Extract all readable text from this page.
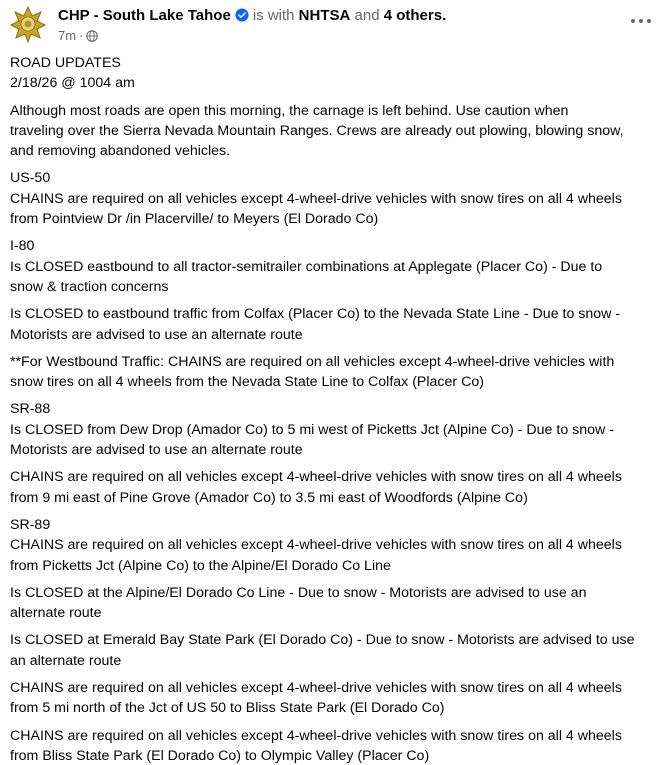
CHP - South Lake Tahoe is with NHTSA and 4 others.
7m ·
ROAD UPDATES
2/18/26 @ 1004 am
Although most roads are open this morning, the carnage is left behind. Use caution when
traveling over the Sierra Nevada Mountain Ranges. Crews are already out plowing, blowing snow,
and removing abandoned vehicles.
US-50
CHAINS are required on all vehicles except 4-wheel-drive vehicles with snow tires on all 4 wheels
from Pointview Dr /in Placerville/ to Meyers (El Dorado Co)
I-80
Is CLOSED eastbound to all tractor-semitrailer combinations at Applegate (Placer Co) - Due to
snow & traction concerns
Is CLOSED to eastbound traffic from Colfax (Placer Co) to the Nevada State Line - Due to snow -
Motorists are advised to use an alternate route
**For Westbound Traffic: CHAINS are required on all vehicles except 4-wheel-drive vehicles with
snow tires on all 4 wheels from the Nevada State Line to Colfax (Placer Co)
SR-88
Is CLOSED from Dew Drop (Amador Co) to 5 mi west of Picketts Jct (Alpine Co) - Due to snow -
Motorists are advised to use an alternate route
CHAINS are required on all vehicles except 4-wheel-drive vehicles with snow tires on all 4 wheels
from 9 mi east of Pine Grove (Amador Co) to 3.5 mi east of Woodfords (Alpine Co)
SR-89
CHAINS are required on all vehicles except 4-wheel-drive vehicles with snow tires on all 4 wheels
from Picketts Jct (Alpine Co) to the Alpine/El Dorado Co Line
Is CLOSED at the Alpine/El Dorado Co Line - Due to snow - Motorists are advised to use an
alternate route
Is CLOSED at Emerald Bay State Park (El Dorado Co) - Due to snow - Motorists are advised to use
an alternate route
CHAINS are required on all vehicles except 4-wheel-drive vehicles with snow tires on all 4 wheels
from 5 mi north of the Jct of US 50 to Bliss State Park (El Dorado Co)
CHAINS are required on all vehicles except 4-wheel-drive vehicles with snow tires on all 4 wheels
from Bliss State Park (El Dorado Co) to Olympic Valley (Placer Co)
